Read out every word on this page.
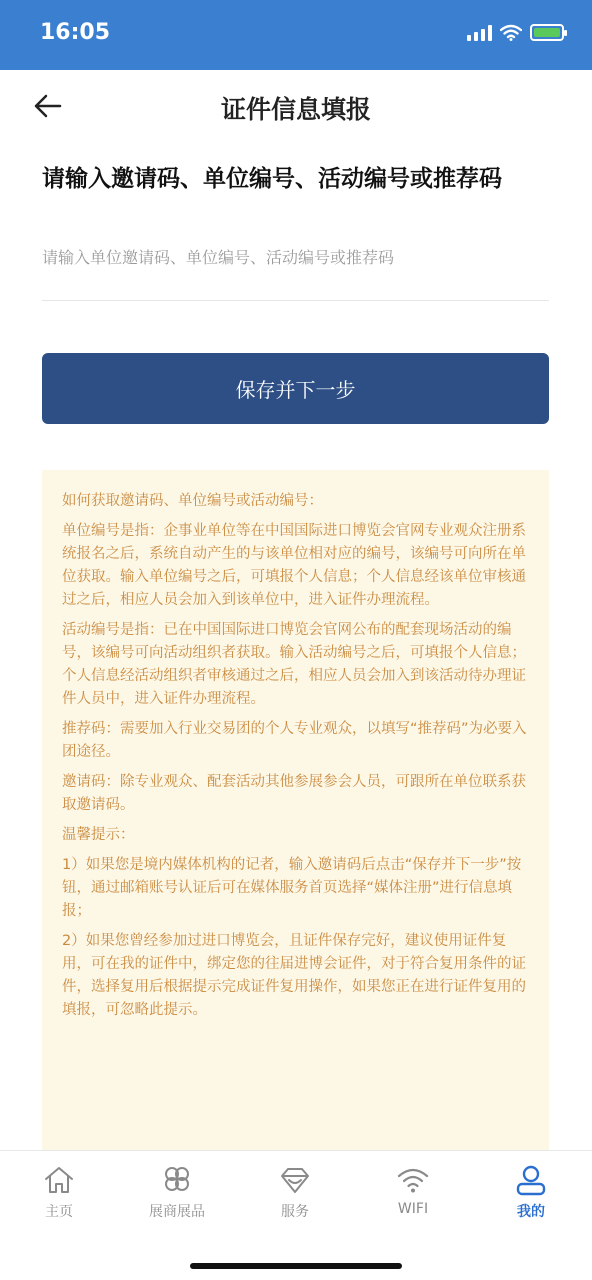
16:05
证件信息填报
请输入邀请码、单位编号、活动编号或推荐码
请输入单位邀请码、单位编号、活动编号或推荐码
保存并下一步

如何获取邀请码、单位编号或活动编号：

单位编号是指：企事业单位等在中国国际进口博览会官网专业观众注册系统报名之后，系统自动产生的与该单位相对应的编号，该编号可向所在单位获取。输入单位编号之后，可填报个人信息；个人信息经该单位审核通过之后，相应人员会加入到该单位中，进入证件办理流程。

活动编号是指：已在中国国际进口博览会官网公布的配套现场活动的编号，该编号可向活动组织者获取。输入活动编号之后，可填报个人信息；个人信息经活动组织者审核通过之后，相应人员会加入到该活动待办理证件人员中，进入证件办理流程。

推荐码：需要加入行业交易团的个人专业观众，以填写“推荐码”为必要入团途径。

邀请码：除专业观众、配套活动其他参展参会人员，可跟所在单位联系获取邀请码。

温馨提示：

1）如果您是境内媒体机构的记者，输入邀请码后点击“保存并下一步”按钮，通过邮箱账号认证后可在媒体服务首页选择“媒体注册”进行信息填报；

2）如果您曾经参加过进口博览会，且证件保存完好，建议使用证件复用，可在我的证件中，绑定您的往届进博会证件，对于符合复用条件的证件，选择复用后根据提示完成证件复用操作，如果您正在进行证件复用的填报，可忽略此提示。

主页	展商展品	服务	WIFI	我的
